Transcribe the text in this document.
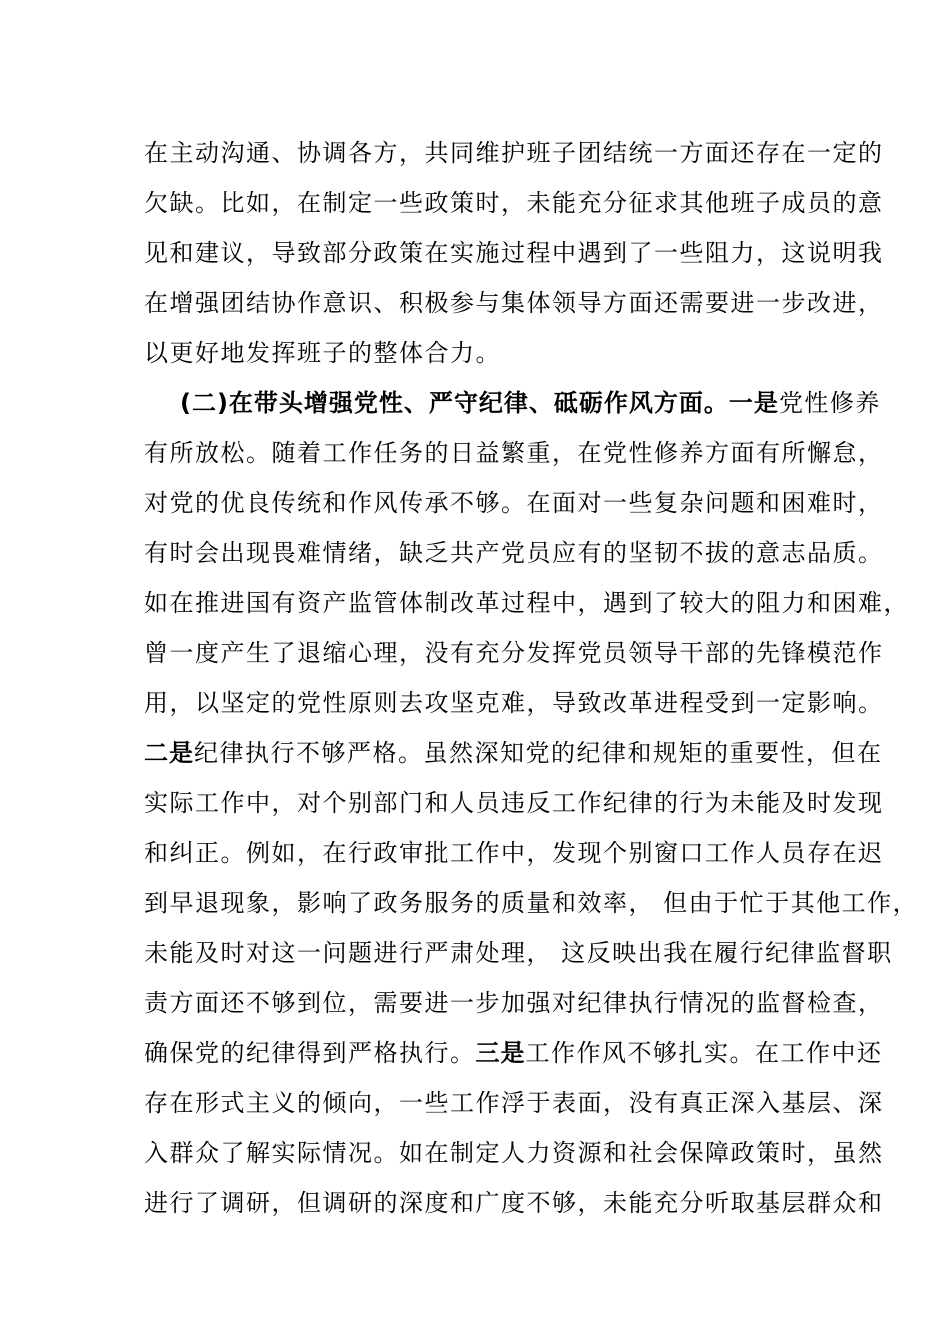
在主动沟通、协调各方，共同维护班子团结统一方面还存在一定的
欠缺。比如，在制定一些政策时，未能充分征求其他班子成员的意
见和建议，导致部分政策在实施过程中遇到了一些阻力，这说明我
在增强团结协作意识、积极参与集体领导方面还需要进一步改进，
以更好地发挥班子的整体合力。
(二)在带头增强党性、严守纪律、砥砺作风方面。一是党性修养
有所放松。随着工作任务的日益繁重，在党性修养方面有所懈怠，
对党的优良传统和作风传承不够。在面对一些复杂问题和困难时，
有时会出现畏难情绪，缺乏共产党员应有的坚韧不拔的意志品质。
如在推进国有资产监管体制改革过程中，遇到了较大的阻力和困难，
曾一度产生了退缩心理，没有充分发挥党员领导干部的先锋模范作
用，以坚定的党性原则去攻坚克难，导致改革进程受到一定影响。
二是纪律执行不够严格。虽然深知党的纪律和规矩的重要性，但在
实际工作中，对个别部门和人员违反工作纪律的行为未能及时发现
和纠正。例如，在行政审批工作中，发现个别窗口工作人员存在迟
到早退现象，影响了政务服务的质量和效率， 但由于忙于其他工作，
未能及时对这一问题进行严肃处理， 这反映出我在履行纪律监督职
责方面还不够到位，需要进一步加强对纪律执行情况的监督检查，
确保党的纪律得到严格执行。三是工作作风不够扎实。在工作中还
存在形式主义的倾向，一些工作浮于表面，没有真正深入基层、深
入群众了解实际情况。如在制定人力资源和社会保障政策时，虽然
进行了调研，但调研的深度和广度不够，未能充分听取基层群众和
